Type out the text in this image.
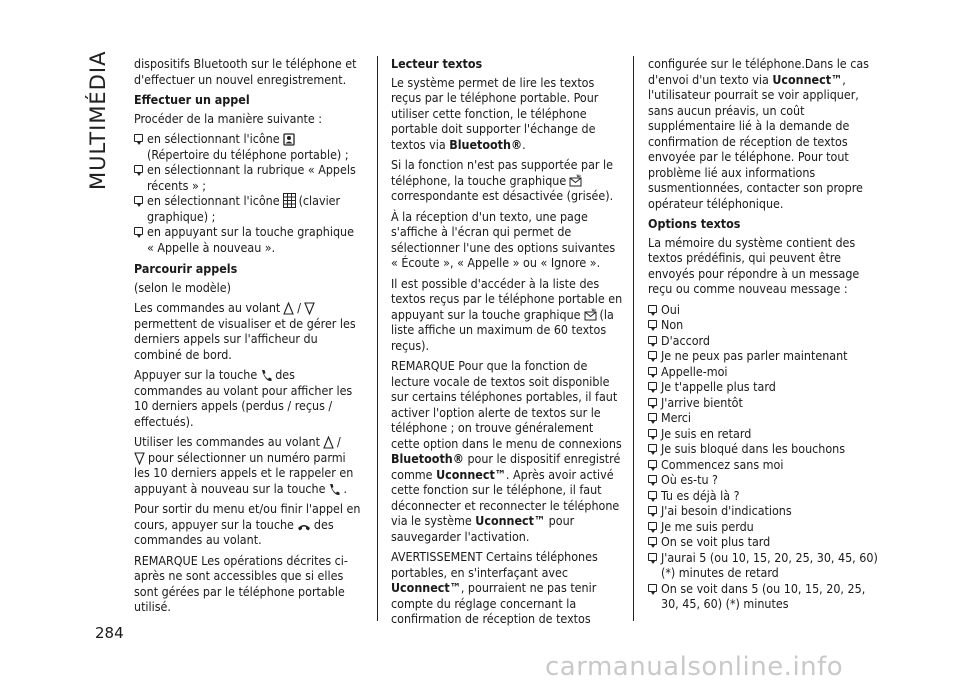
MULTIMÉDIA dispositifs Bluetooth sur le téléphone et d'effectuer un nouvel enregistrement.

Effectuer un appel

Procéder de la manière suivante :

en sélectionnant l'icône

(Répertoire du téléphone portable) ;
en sélectionnant la rubrique « Appels récents » ;
en sélectionnant l'icône (clavier graphique) ;
en appuyant sur la touche graphique « Appelle à nouveau ».
Parcourir appels

(selon le modèle)

Les commandes au volant /
permettent de visualiser et de gérer les derniers appels sur l'afficheur du combiné de bord.

Appuyer sur la touche des commandes au volant pour afficher les 10 derniers appels (perdus / reçus / effectués).

Utiliser les commandes au volant /

pour sélectionner un numéro parmi les 10 derniers appels et le rappeler en appuyant à nouveau sur la touche .

Pour sortir du menu et/ou finir l'appel en cours, appuyer sur la touche des commandes au volant.

REMARQUE Les opérations décrites ci-après ne sont accessibles que si elles sont gérées par le téléphone portable utilisé.

Lecteur textos

Le système permet de lire les textos reçus par le téléphone portable. Pour utiliser cette fonction, le téléphone portable doit supporter l'échange de textos via Bluetooth®.

Si la fonction n'est pas supportée par le téléphone, la touche graphique
correspondante est désactivée (grisée).

À la réception d'un texto, une page s'affiche à l'écran qui permet de sélectionner l'une des options suivantes « Écoute », « Appelle » ou « Ignore ».

Il est possible d'accéder à la liste des textos reçus par le téléphone portable en appuyant sur la touche graphique (la liste affiche un maximum de 60 textos reçus).

REMARQUE Pour que la fonction de lecture vocale de textos soit disponible sur certains téléphones portables, il faut activer l'option alerte de textos sur le téléphone ; on trouve généralement cette option dans le menu de connexions Bluetooth® pour le dispositif enregistré comme Uconnect™. Après avoir activé cette fonction sur le téléphone, il faut déconnecter et reconnecter le téléphone via le système Uconnect™ pour sauvegarder l'activation.

AVERTISSEMENT Certains téléphones portables, en s'interfaçant avec Uconnect™, pourraient ne pas tenir compte du réglage concernant la confirmation de réception de textos

configurée sur le téléphone.Dans le cas d'envoi d'un texto via Uconnect™, l'utilisateur pourrait se voir appliquer, sans aucun préavis, un coût supplémentaire lié à la demande de confirmation de réception de textos envoyée par le téléphone. Pour tout problème lié aux informations susmentionnées, contacter son propre opérateur téléphonique.

Options textos

La mémoire du système contient des textos prédéfinis, qui peuvent être envoyés pour répondre à un message reçu ou comme nouveau message :

Oui
Non
D'accord
Je ne peux pas parler maintenant
Appelle-moi
Je t'appelle plus tard
J'arrive bientôt
Merci
Je suis en retard
Je suis bloqué dans les bouchons
Commencez sans moi
Où es-tu ?
Tu es déjà là ?
J'ai besoin d'indications
Je me suis perdu
On se voit plus tard
J'aurai 5 (ou 10, 15, 20, 25, 30, 45, 60) (*) minutes de retard
On se voit dans 5 (ou 10, 15, 20, 25, 30, 45, 60) (*) minutes
284
carmanualsonline.info
